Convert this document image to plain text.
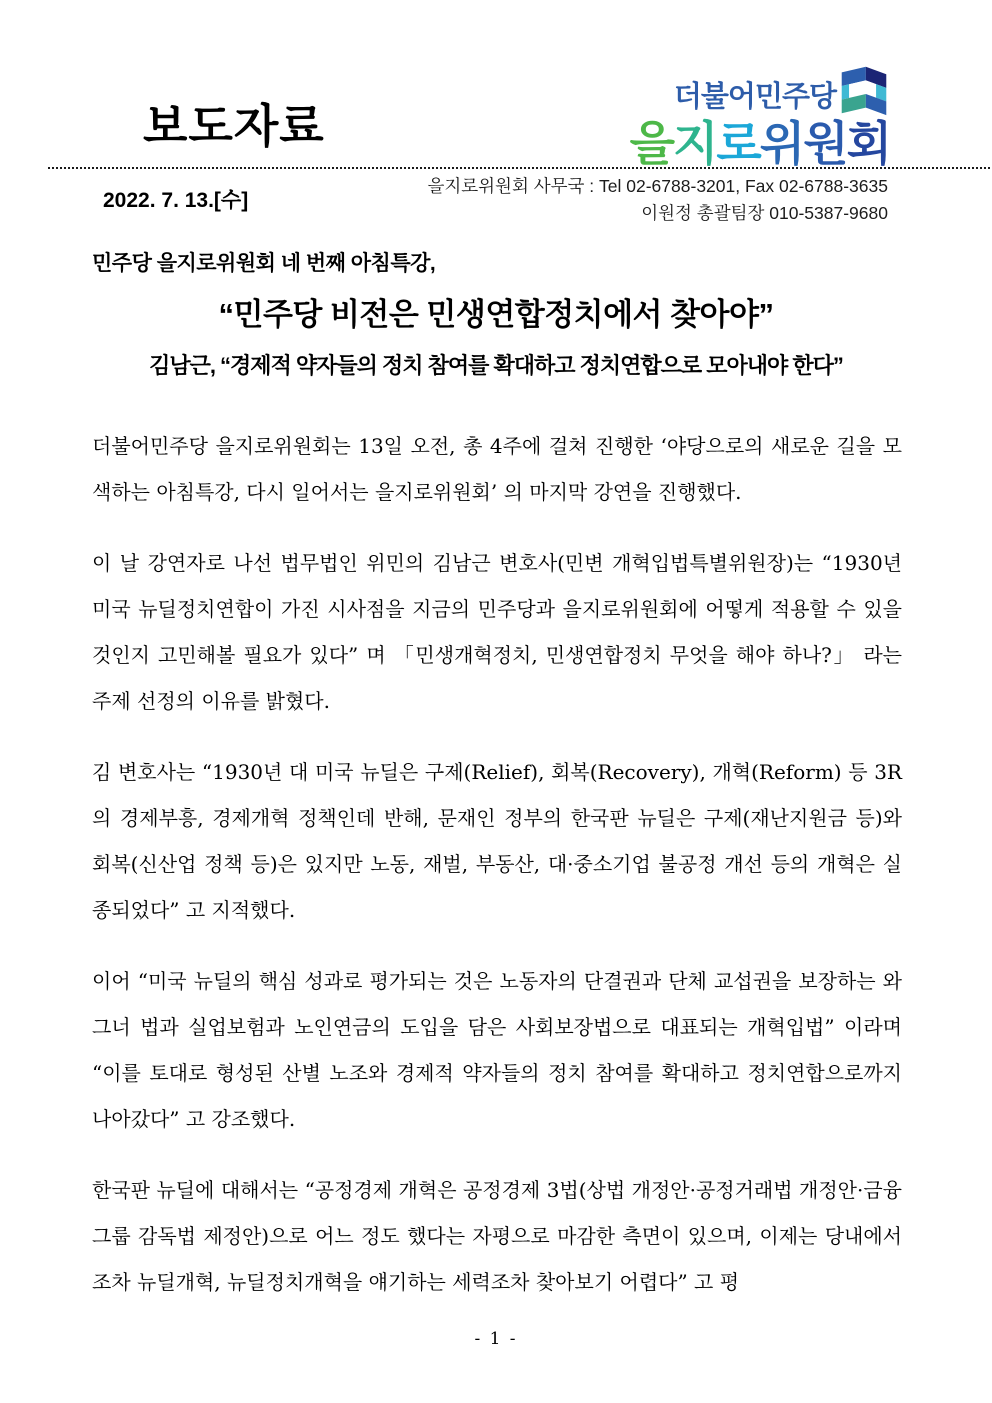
보도자료
더불어민주당
을지로위원회
2022. 7. 13.[수]
을지로위원회 사무국 : Tel 02-6788-3201, Fax 02-6788-3635
이원정 총괄팀장 010-5387-9680
민주당 을지로위원회 네 번째 아침특강,
“민주당 비전은 민생연합정치에서 찾아야”
김남근, “경제적 약자들의 정치 참여를 확대하고 정치연합으로 모아내야 한다”

더불어민주당 을지로위원회는 13일 오전, 총 4주에 걸쳐 진행한 ‘야당으로의 새로운 길을 모색하는 아침특강, 다시 일어서는 을지로위원회’ 의 마지막 강연을 진행했다.

이 날 강연자로 나선 법무법인 위민의 김남근 변호사(민변 개혁입법특별위원장)는 “1930년 미국 뉴딜정치연합이 가진 시사점을 지금의 민주당과 을지로위원회에 어떻게 적용할 수 있을 것인지 고민해볼 필요가 있다” 며 「민생개혁정치, 민생연합정치 무엇을 해야 하나?」 라는 주제 선정의 이유를 밝혔다.

김 변호사는 “1930년 대 미국 뉴딜은 구제(Relief), 회복(Recovery), 개혁(Reform) 등 3R의 경제부흥, 경제개혁 정책인데 반해, 문재인 정부의 한국판 뉴딜은 구제(재난지원금 등)와 회복(신산업 정책 등)은 있지만 노동, 재벌, 부동산, 대·중소기업 불공정 개선 등의 개혁은 실종되었다” 고 지적했다.

이어 “미국 뉴딜의 핵심 성과로 평가되는 것은 노동자의 단결권과 단체 교섭권을 보장하는 와그너 법과 실업보험과 노인연금의 도입을 담은 사회보장법으로 대표되는 개혁입법” 이라며 “이를 토대로 형성된 산별 노조와 경제적 약자들의 정치 참여를 확대하고 정치연합으로까지 나아갔다” 고 강조했다.

한국판 뉴딜에 대해서는 “공정경제 개혁은 공정경제 3법(상법 개정안·공정거래법 개정안·금융그룹 감독법 제정안)으로 어느 정도 했다는 자평으로 마감한 측면이 있으며, 이제는 당내에서조차 뉴딜개혁, 뉴딜정치개혁을 얘기하는 세력조차 찾아보기 어렵다” 고 평

- 1 -
